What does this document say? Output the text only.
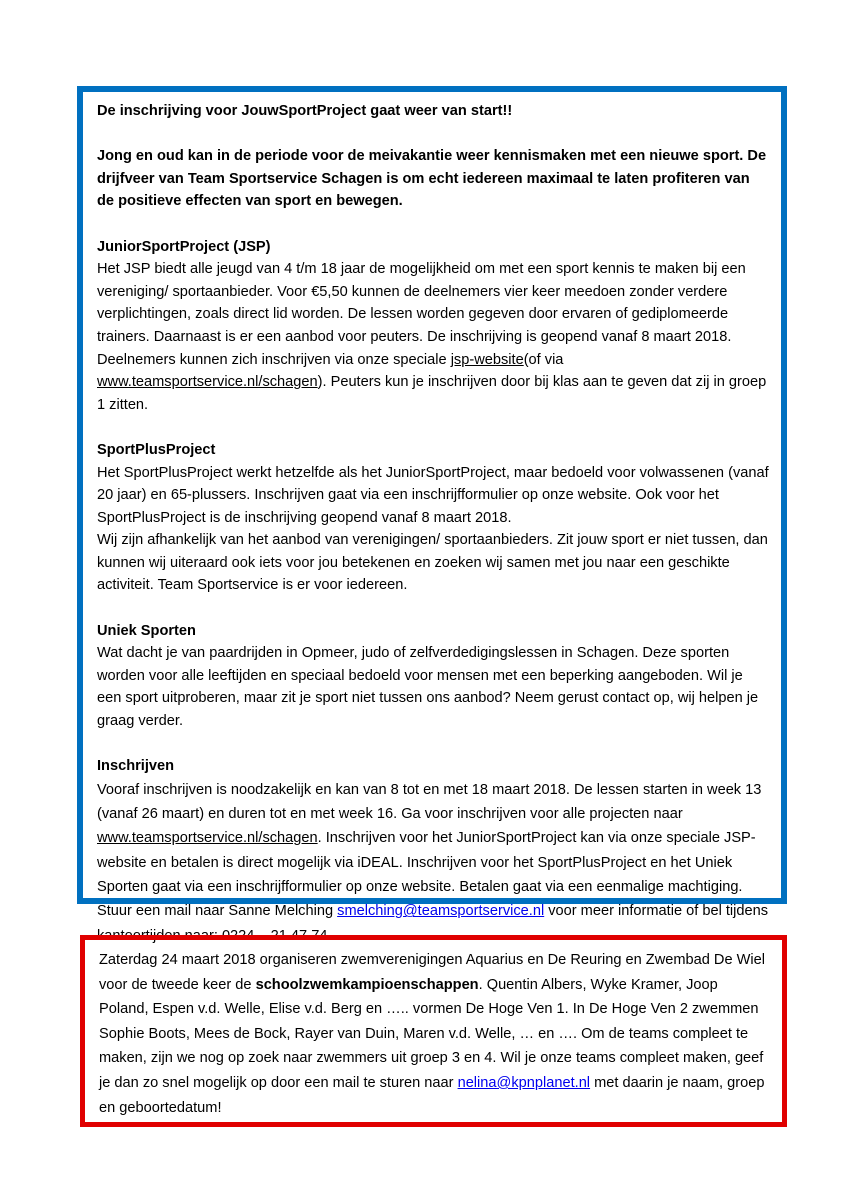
De inschrijving voor JouwSportProject gaat weer van start!!

Jong en oud kan in de periode voor de meivakantie weer kennismaken met een nieuwe sport. De drijfveer van Team Sportservice Schagen is om echt iedereen maximaal te laten profiteren van de positieve effecten van sport en bewegen.

JuniorSportProject (JSP)

Het JSP biedt alle jeugd van 4 t/m 18 jaar de mogelijkheid om met een sport kennis te maken bij een vereniging/ sportaanbieder. Voor €5,50 kunnen de deelnemers vier keer meedoen zonder verdere verplichtingen, zoals direct lid worden. De lessen worden gegeven door ervaren of gediplomeerde trainers. Daarnaast is er een aanbod voor peuters. De inschrijving is geopend vanaf 8 maart 2018. Deelnemers kunnen zich inschrijven via onze speciale jsp-website(of via www.teamsportservice.nl/schagen). Peuters kun je inschrijven door bij klas aan te geven dat zij in groep 1 zitten.

SportPlusProject

Het SportPlusProject werkt hetzelfde als het JuniorSportProject, maar bedoeld voor volwassenen (vanaf 20 jaar) en 65-plussers. Inschrijven gaat via een inschrijfformulier op onze website. Ook voor het SportPlusProject is de inschrijving geopend vanaf 8 maart 2018.

Wij zijn afhankelijk van het aanbod van verenigingen/ sportaanbieders. Zit jouw sport er niet tussen, dan kunnen wij uiteraard ook iets voor jou betekenen en zoeken wij samen met jou naar een geschikte activiteit. Team Sportservice is er voor iedereen.

Uniek Sporten

Wat dacht je van paardrijden in Opmeer, judo of zelfverdedigingslessen in Schagen. Deze sporten worden voor alle leeftijden en speciaal bedoeld voor mensen met een beperking aangeboden. Wil je een sport uitproberen, maar zit je sport niet tussen ons aanbod? Neem gerust contact op, wij helpen je graag verder.

Inschrijven

Vooraf inschrijven is noodzakelijk en kan van 8 tot en met 18 maart 2018. De lessen starten in week 13 (vanaf 26 maart) en duren tot en met week 16. Ga voor inschrijven voor alle projecten naar www.teamsportservice.nl/schagen. Inschrijven voor het JuniorSportProject kan via onze speciale JSP-website en betalen is direct mogelijk via iDEAL. Inschrijven voor het SportPlusProject en het Uniek Sporten gaat via een inschrijfformulier op onze website. Betalen gaat via een eenmalige machtiging. Stuur een mail naar Sanne Melching smelching@teamsportservice.nl voor meer informatie of bel tijdens kantoortijden naar: 0224 – 21 47 74.

Zaterdag 24 maart 2018 organiseren zwemverenigingen Aquarius en De Reuring en Zwembad De Wiel voor de tweede keer de schoolzwemkampioenschappen. Quentin Albers, Wyke Kramer, Joop Poland, Espen v.d. Welle, Elise v.d. Berg en ….. vormen De Hoge Ven 1. In De Hoge Ven 2 zwemmen Sophie Boots, Mees de Bock, Rayer van Duin, Maren v.d. Welle, … en …. Om de teams compleet te maken, zijn we nog op zoek naar zwemmers uit groep 3 en 4. Wil je onze teams compleet maken, geef je dan zo snel mogelijk op door een mail te sturen naar nelina@kpnplanet.nl met daarin je naam, groep en geboortedatum!
